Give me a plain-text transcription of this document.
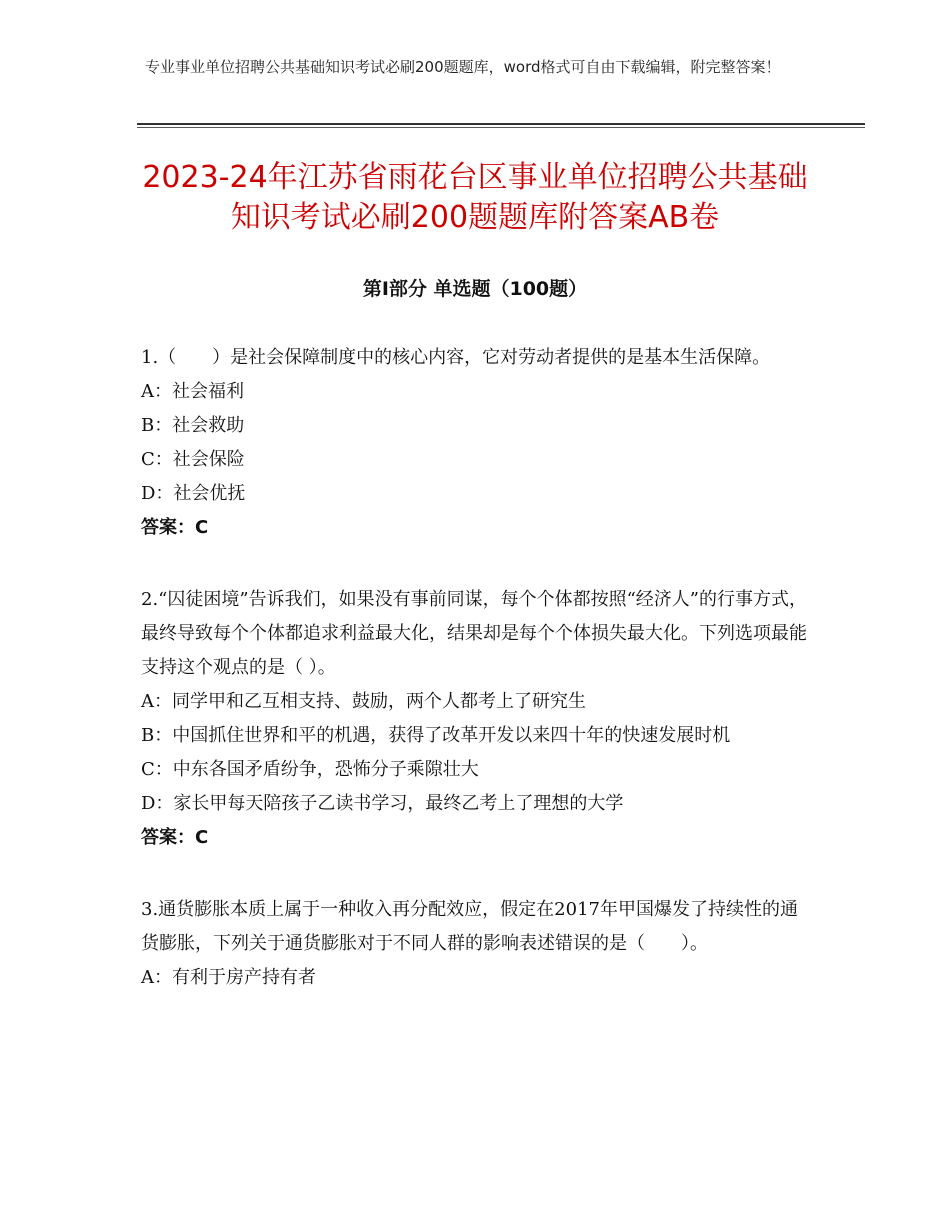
专业事业单位招聘公共基础知识考试必刷200题题库，word格式可自由下载编辑，附完整答案！
2023-24年江苏省雨花台区事业单位招聘公共基础知识考试必刷200题题库附答案AB卷
第Ⅰ部分 单选题（100题）

1.（　　）是社会保障制度中的核心内容，它对劳动者提供的是基本生活保障。

A：社会福利

B：社会救助

C：社会保险

D：社会优抚

答案：C

2.“囚徒困境”告诉我们，如果没有事前同谋，每个个体都按照“经济人”的行事方式，最终导致每个个体都追求利益最大化，结果却是每个个体损失最大化。下列选项最能支持这个观点的是（ ）。

A：同学甲和乙互相支持、鼓励，两个人都考上了研究生

B：中国抓住世界和平的机遇，获得了改革开发以来四十年的快速发展时机

C：中东各国矛盾纷争，恐怖分子乘隙壮大

D：家长甲每天陪孩子乙读书学习，最终乙考上了理想的大学

答案：C

3.通货膨胀本质上属于一种收入再分配效应，假定在2017年甲国爆发了持续性的通货膨胀，下列关于通货膨胀对于不同人群的影响表述错误的是（　　）。

A：有利于房产持有者
